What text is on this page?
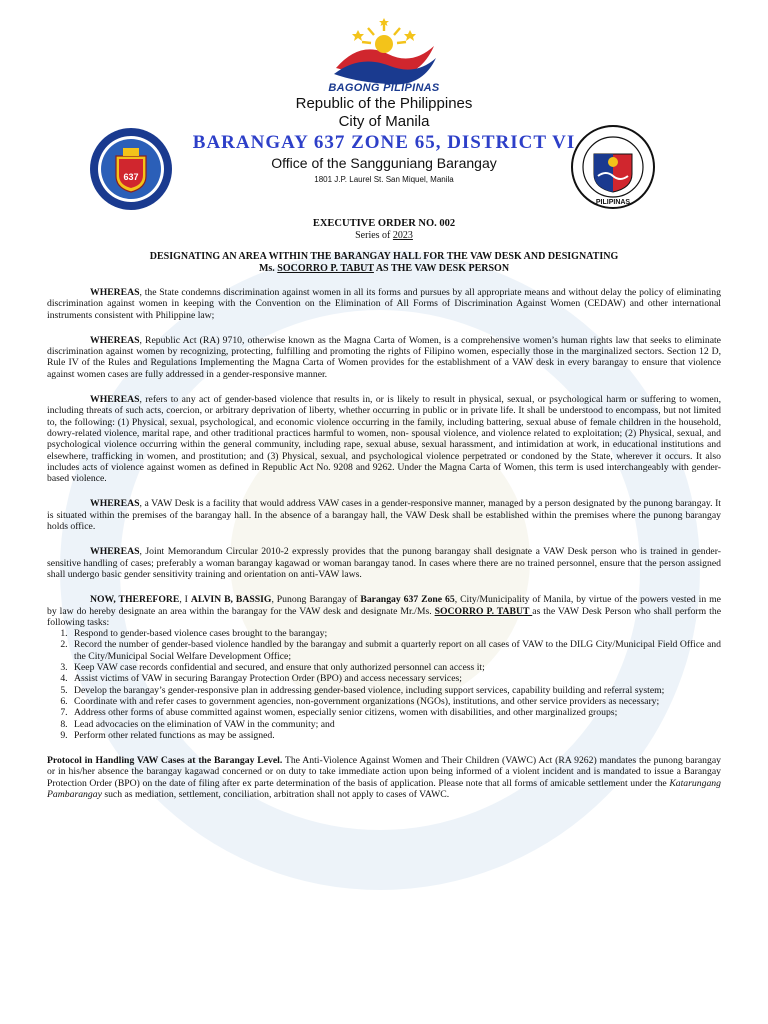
BAGONG PILIPINAS
637
PILIPINAS
Republic of the Philippines
City of Manila
BARANGAY 637 ZONE 65, DISTRICT VI
Office of the Sangguniang Barangay
1801 J.P. Laurel St. San Miquel, Manila
EXECUTIVE ORDER NO. 002
Series of 2023
DESIGNATING AN AREA WITHIN THE BARANGAY HALL FOR THE VAW DESK AND DESIGNATING
Ms. SOCORRO P. TABUT AS THE VAW DESK PERSON

WHEREAS, the State condemns discrimination against women in all its forms and pursues by all appropriate means and without delay the policy of eliminating discrimination against women in keeping with the Convention on the Elimination of All Forms of Discrimination Against Women (CEDAW) and other international instruments consistent with Philippine law;

WHEREAS, Republic Act (RA) 9710, otherwise known as the Magna Carta of Women, is a comprehensive women’s human rights law that seeks to eliminate discrimination against women by recognizing, protecting, fulfilling and promoting the rights of Filipino women, especially those in the marginalized sectors. Section 12 D, Rule IV of the Rules and Regulations Implementing the Magna Carta of Women provides for the establishment of a VAW desk in every barangay to ensure that violence against women cases are fully addressed in a gender-responsive manner.

WHEREAS, refers to any act of gender-based violence that results in, or is likely to result in physical, sexual, or psychological harm or suffering to women, including threats of such acts, coercion, or arbitrary deprivation of liberty, whether occurring in public or in private life. It shall be understood to encompass, but not limited to, the following: (1) Physical, sexual, psychological, and economic violence occurring in the family, including battering, sexual abuse of female children in the household, dowry-related violence, marital rape, and other traditional practices harmful to women, non- spousal violence, and violence related to exploitation; (2) Physical, sexual, and psychological violence occurring within the general community, including rape, sexual abuse, sexual harassment, and intimidation at work, in educational institutions and elsewhere, trafficking in women, and prostitution; and (3) Physical, sexual, and psychological violence perpetrated or condoned by the State, wherever it occurs. It also includes acts of violence against women as defined in Republic Act No. 9208 and 9262. Under the Magna Carta of Women, this term is used interchangeably with gender-based violence.

WHEREAS, a VAW Desk is a facility that would address VAW cases in a gender-responsive manner, managed by a person designated by the punong barangay. It is situated within the premises of the barangay hall. In the absence of a barangay hall, the VAW Desk shall be established within the premises where the punong barangay holds office.

WHEREAS, Joint Memorandum Circular 2010-2 expressly provides that the punong barangay shall designate a VAW Desk person who is trained in gender-sensitive handling of cases; preferably a woman barangay kagawad or woman barangay tanod. In cases where there are no trained personnel, ensure that the person assigned shall undergo basic gender sensitivity training and orientation on anti-VAW laws.

NOW, THEREFORE, I ALVIN B, BASSIG, Punong Barangay of Barangay 637 Zone 65, City/Municipality of Manila, by virtue of the powers vested in me by law do hereby designate an area within the barangay for the VAW desk and designate Mr./Ms. SOCORRO P. TABUT as the VAW Desk Person who shall perform the following tasks:

1. Respond to gender-based violence cases brought to the barangay;
2. Record the number of gender-based violence handled by the barangay and submit a quarterly report on all cases of VAW to the DILG City/Municipal Field Office and the City/Municipal Social Welfare Development Office;
3. Keep VAW case records confidential and secured, and ensure that only authorized personnel can access it;
4. Assist victims of VAW in securing Barangay Protection Order (BPO) and access necessary services;
5. Develop the barangay’s gender-responsive plan in addressing gender-based violence, including support services, capability building and referral system;
6. Coordinate with and refer cases to government agencies, non-government organizations (NGOs), institutions, and other service providers as necessary;
7. Address other forms of abuse committed against women, especially senior citizens, women with disabilities, and other marginalized groups;
8. Lead advocacies on the elimination of VAW in the community; and
9. Perform other related functions as may be assigned.

Protocol in Handling VAW Cases at the Barangay Level. The Anti-Violence Against Women and Their Children (VAWC) Act (RA 9262) mandates the punong barangay or in his/her absence the barangay kagawad concerned or on duty to take immediate action upon being informed of a violent incident and is mandated to issue a Barangay Protection Order (BPO) on the date of filing after ex parte determination of the basis of application. Please note that all forms of amicable settlement under the Katarungang Pambarangay such as mediation, settlement, conciliation, arbitration shall not apply to cases of VAWC.
